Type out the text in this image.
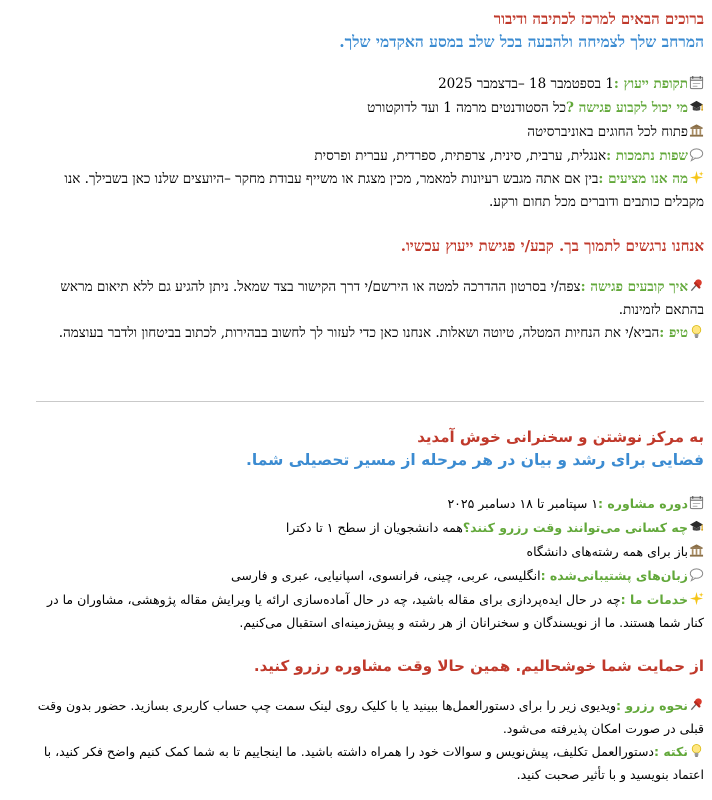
ברוכים הבאים למרכז לכתיבה ודיבור

המרחב שלך לצמיחה ולהבעה בכל שלב במסע האקדמי שלך.

תקופת ייעוץ :1 בספטמבר 18 –בדצמבר 2025

מי יכול לקבוע פגישה ?כל הסטודנטים מרמה 1 ועד לדוקטורט

פתוח לכל החוגים באוניברסיטה

שפות נתמכות :אנגלית, ערבית, סינית, צרפתית, ספרדית, עברית ופרסית

מה אנו מציעים :בין אם אתה מגבש רעיונות למאמר, מכין מצגת או משייף עבודת מחקר –היועצים שלנו כאן בשבילך. אנו מקבלים כותבים ודוברים מכל תחום ורקע.

אנחנו נרגשים לתמוך בך. קבע/י פגישת ייעוץ עכשיו.

איך קובעים פגישה :צפה/י בסרטון ההדרכה למטה או הירשם/י דרך הקישור בצד שמאל. ניתן להגיע גם ללא תיאום מראש בהתאם לזמינות.

טיפ :הביא/י את הנחיות המטלה, טיוטה ושאלות. אנחנו כאן כדי לעזור לך לחשוב בבהירות, לכתוב בביטחון ולדבר בעוצמה.

به مرکز نوشتن و سخنرانی خوش آمدید

فضایی برای رشد و بیان در هر مرحله از مسیر تحصیلی شما.

دوره مشاوره :۱ سپتامبر تا ۱۸ دسامبر ۲۰۲۵

چه کسانی می‌توانند وقت رزرو کنند؟همه دانشجویان از سطح ۱ تا دکترا

باز برای همه رشته‌های دانشگاه

زبان‌های پشتیبانی‌شده :انگلیسی، عربی، چینی، فرانسوی، اسپانیایی، عبری و فارسی

خدمات ما :چه در حال ایده‌پردازی برای مقاله باشید، چه در حال آماده‌سازی ارائه یا ویرایش مقاله پژوهشی، مشاوران ما در کنار شما هستند. ما از نویسندگان و سخنرانان از هر رشته و پیش‌زمینه‌ای استقبال می‌کنیم.

از حمایت شما خوشحالیم. همین حالا وقت مشاوره رزرو کنید.

نحوه رزرو :ویدیوی زیر را برای دستورالعمل‌ها ببینید یا با کلیک روی لینک سمت چپ حساب کاربری بسازید. حضور بدون وقت قبلی در صورت امکان پذیرفته می‌شود.

نکته :دستورالعمل تکلیف، پیش‌نویس و سوالات خود را همراه داشته باشید. ما اینجاییم تا به شما کمک کنیم واضح فکر کنید، با اعتماد بنویسید و با تأثیر صحبت کنید.
